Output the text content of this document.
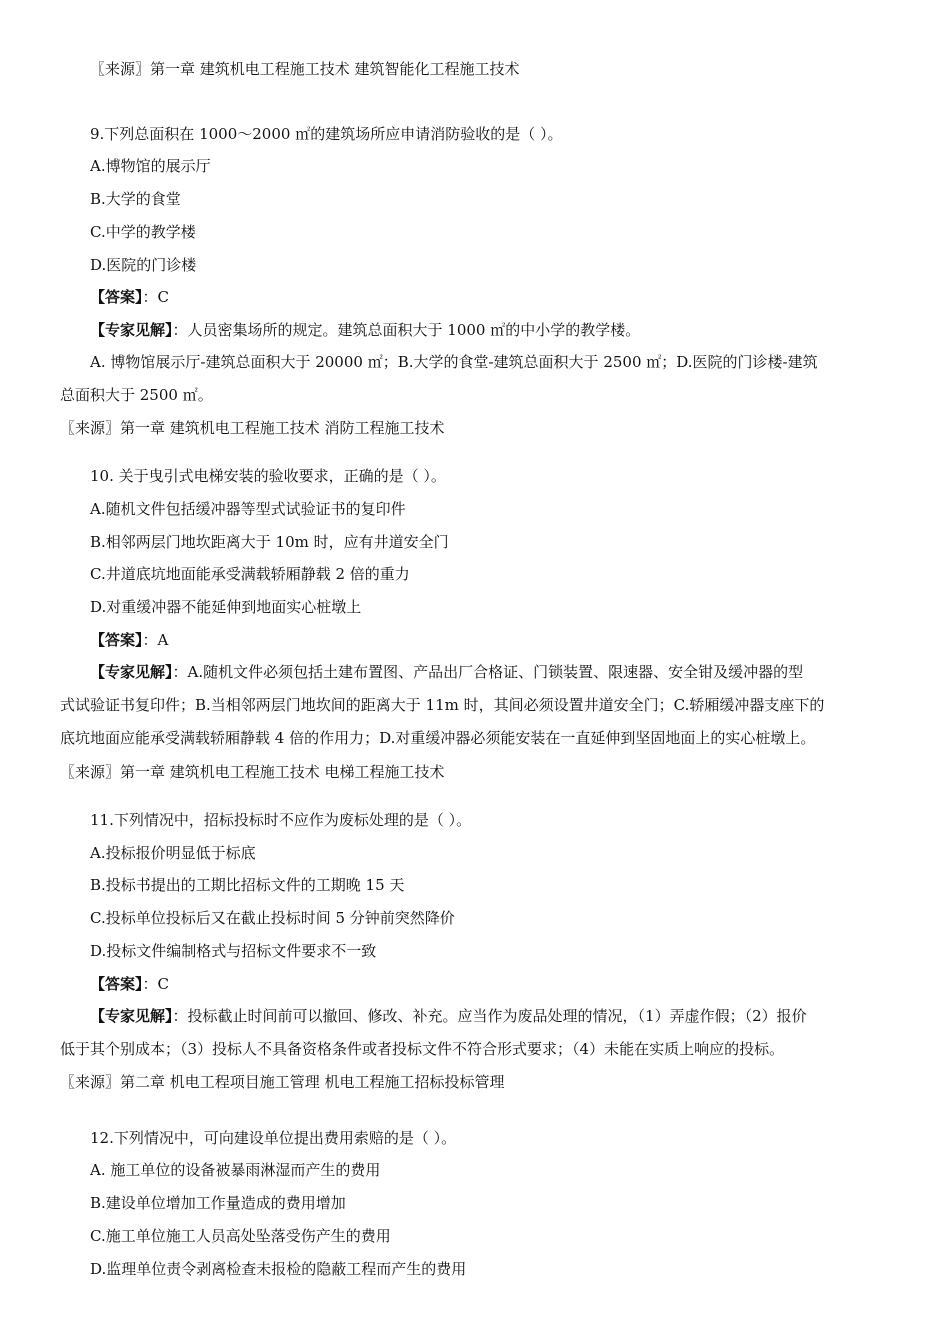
〖来源〗第一章 建筑机电工程施工技术 建筑智能化工程施工技术
9.下列总面积在 1000～2000 ㎡的建筑场所应申请消防验收的是（ ）。
A.博物馆的展示厅
B.大学的食堂
C.中学的教学楼
D.医院的门诊楼
【答案】：C
【专家见解】：人员密集场所的规定。建筑总面积大于 1000 ㎡的中小学的教学楼。
A. 博物馆展示厅-建筑总面积大于 20000 ㎡；B.大学的食堂-建筑总面积大于 2500 ㎡；D.医院的门诊楼-建筑
总面积大于 2500 ㎡。
〖来源〗第一章 建筑机电工程施工技术 消防工程施工技术
10. 关于曳引式电梯安装的验收要求，正确的是（ ）。
A.随机文件包括缓冲器等型式试验证书的复印件
B.相邻两层门地坎距离大于 10m 时，应有井道安全门
C.井道底坑地面能承受满载轿厢静载 2 倍的重力
D.对重缓冲器不能延伸到地面实心桩墩上
【答案】：A
【专家见解】：A.随机文件必须包括土建布置图、产品出厂合格证、门锁装置、限速器、安全钳及缓冲器的型
式试验证书复印件；B.当相邻两层门地坎间的距离大于 11m 时，其间必须设置井道安全门；C.轿厢缓冲器支座下的
底坑地面应能承受满载轿厢静载 4 倍的作用力；D.对重缓冲器必须能安装在一直延伸到坚固地面上的实心桩墩上。
〖来源〗第一章 建筑机电工程施工技术 电梯工程施工技术
11.下列情况中，招标投标时不应作为废标处理的是（ ）。
A.投标报价明显低于标底
B.投标书提出的工期比招标文件的工期晚 15 天
C.投标单位投标后又在截止投标时间 5 分钟前突然降价
D.投标文件编制格式与招标文件要求不一致
【答案】：C
【专家见解】：投标截止时间前可以撤回、修改、补充。应当作为废品处理的情况，（1）弄虚作假；（2）报价
低于其个别成本；（3）投标人不具备资格条件或者投标文件不符合形式要求；（4）未能在实质上响应的投标。
〖来源〗第二章 机电工程项目施工管理 机电工程施工招标投标管理
12.下列情况中，可向建设单位提出费用索赔的是（ ）。
A. 施工单位的设备被暴雨淋湿而产生的费用
B.建设单位增加工作量造成的费用增加
C.施工单位施工人员高处坠落受伤产生的费用
D.监理单位责令剥离检查未报检的隐蔽工程而产生的费用
